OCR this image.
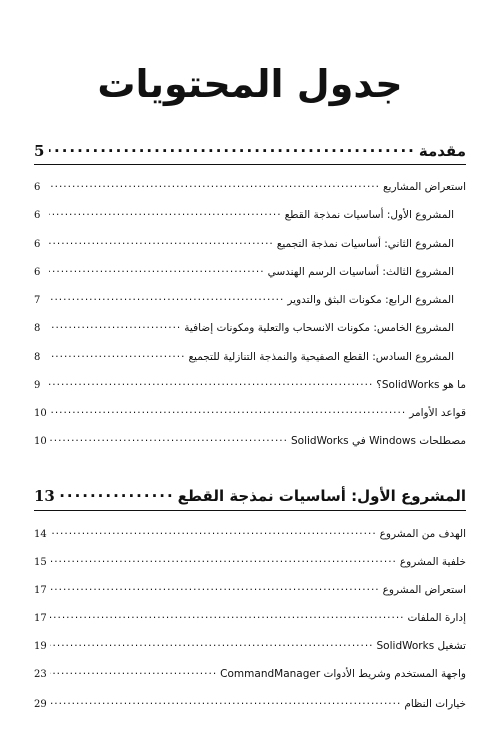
جدول المحتويات
مقدمة
.....
5
استعراض المشاريع
.....
6
المشروع الأول: أساسيات نمذجة القطع
.....
6
المشروع الثاني: أساسيات نمذجة التجميع
.....
6
المشروع الثالث: أساسيات الرسم الهندسي
.....
6
المشروع الرابع: مكونات البثق والتدوير
.....
7
المشروع الخامس: مكونات الانسحاب والتعلية ومكونات إضافية
.....
8
المشروع السادس: القطع الصفيحية والنمذجة التنازلية للتجميع
.....
8
ما هو SolidWorks؟
.....
9
قواعد الأوامر
.....
10
مصطلحات Windows في SolidWorks
.....
10
المشروع الأول: أساسيات نمذجة القطع
.....
13
الهدف من المشروع
.....
14
خلفية المشروع
.....
15
استعراض المشروع
.....
17
إدارة الملفات
.....
17
تشغيل SolidWorks
.....
19
واجهة المستخدم وشريط الأدوات CommandManager
.....
23
خيارات النظام
.....
29
